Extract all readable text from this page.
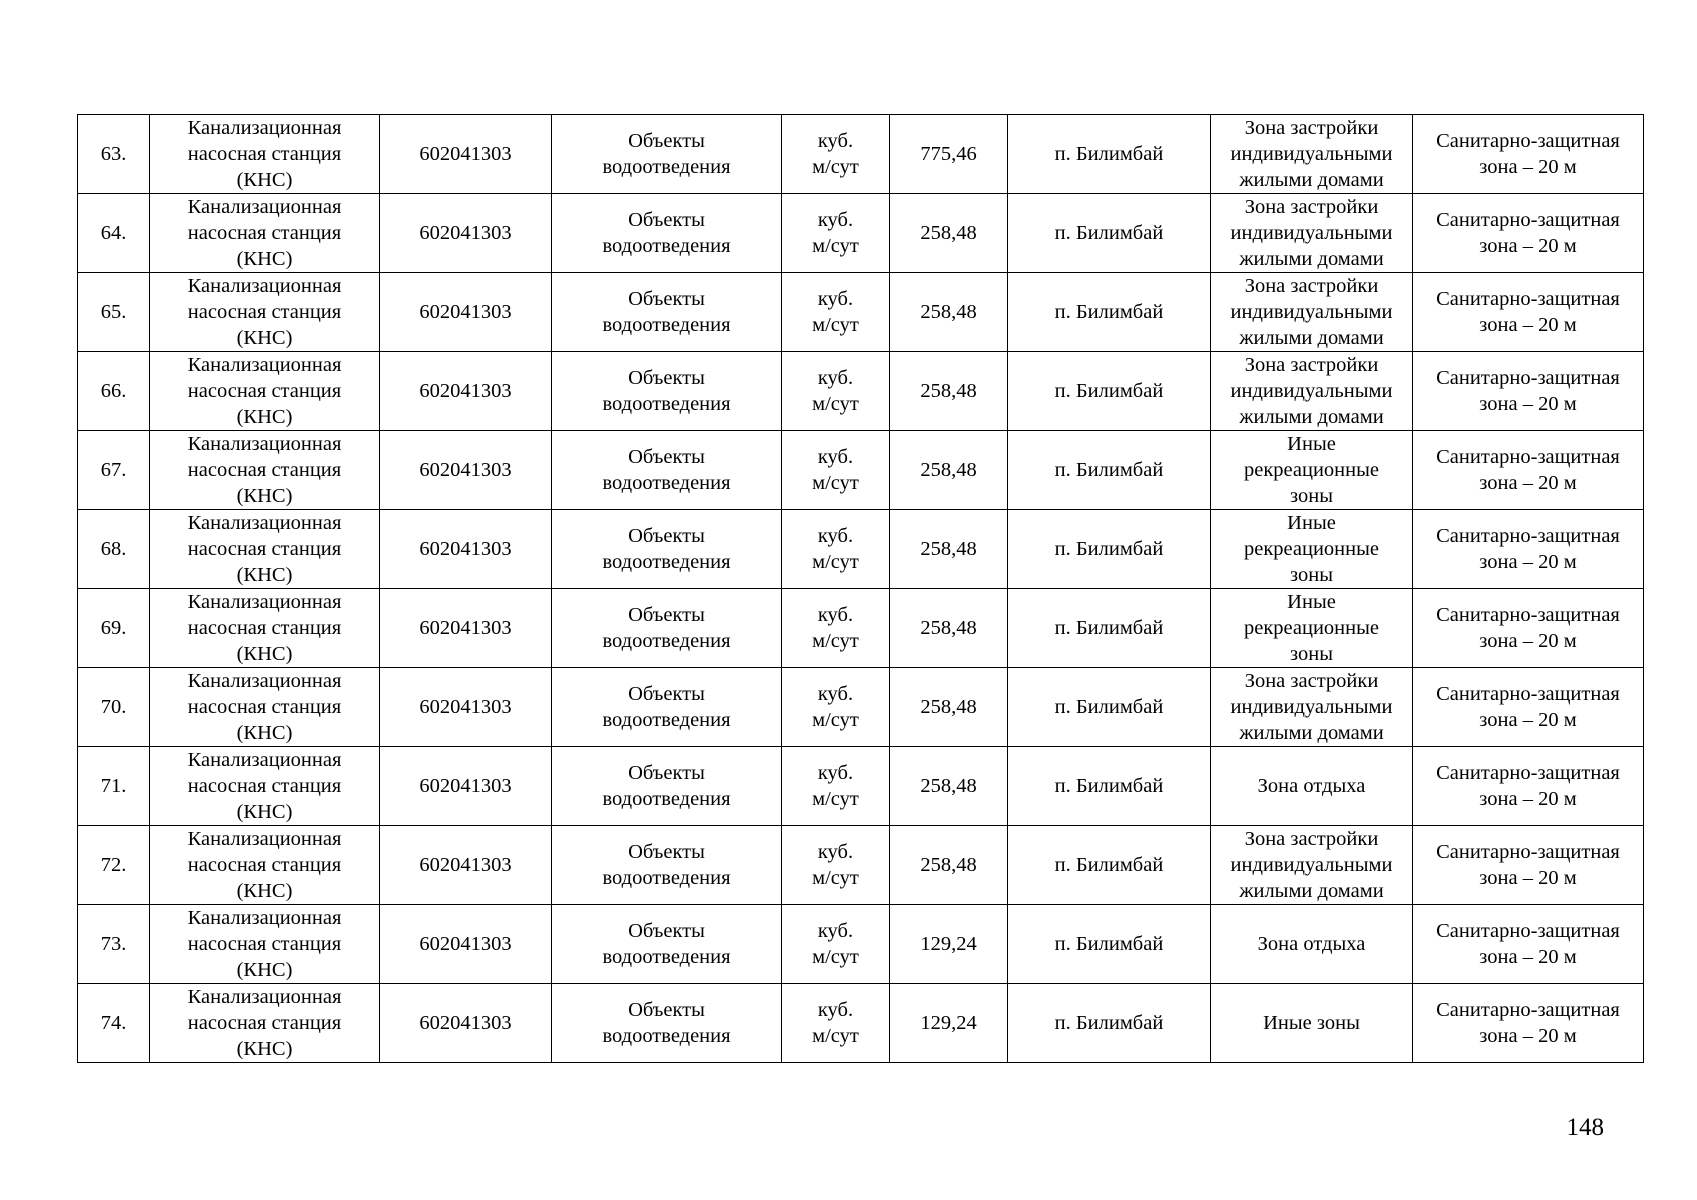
63.	Канализационная
насосная станция
(КНС)	602041303	Объекты
водоотведения	куб.
м/сут	775,46	п. Билимбай	Зона застройки
индивидуальными
жилыми домами	Санитарно-защитная
зона – 20 м
64.	Канализационная
насосная станция
(КНС)	602041303	Объекты
водоотведения	куб.
м/сут	258,48	п. Билимбай	Зона застройки
индивидуальными
жилыми домами	Санитарно-защитная
зона – 20 м
65.	Канализационная
насосная станция
(КНС)	602041303	Объекты
водоотведения	куб.
м/сут	258,48	п. Билимбай	Зона застройки
индивидуальными
жилыми домами	Санитарно-защитная
зона – 20 м
66.	Канализационная
насосная станция
(КНС)	602041303	Объекты
водоотведения	куб.
м/сут	258,48	п. Билимбай	Зона застройки
индивидуальными
жилыми домами	Санитарно-защитная
зона – 20 м
67.	Канализационная
насосная станция
(КНС)	602041303	Объекты
водоотведения	куб.
м/сут	258,48	п. Билимбай	Иные
рекреационные
зоны	Санитарно-защитная
зона – 20 м
68.	Канализационная
насосная станция
(КНС)	602041303	Объекты
водоотведения	куб.
м/сут	258,48	п. Билимбай	Иные
рекреационные
зоны	Санитарно-защитная
зона – 20 м
69.	Канализационная
насосная станция
(КНС)	602041303	Объекты
водоотведения	куб.
м/сут	258,48	п. Билимбай	Иные
рекреационные
зоны	Санитарно-защитная
зона – 20 м
70.	Канализационная
насосная станция
(КНС)	602041303	Объекты
водоотведения	куб.
м/сут	258,48	п. Билимбай	Зона застройки
индивидуальными
жилыми домами	Санитарно-защитная
зона – 20 м
71.	Канализационная
насосная станция
(КНС)	602041303	Объекты
водоотведения	куб.
м/сут	258,48	п. Билимбай	Зона отдыха	Санитарно-защитная
зона – 20 м
72.	Канализационная
насосная станция
(КНС)	602041303	Объекты
водоотведения	куб.
м/сут	258,48	п. Билимбай	Зона застройки
индивидуальными
жилыми домами	Санитарно-защитная
зона – 20 м
73.	Канализационная
насосная станция
(КНС)	602041303	Объекты
водоотведения	куб.
м/сут	129,24	п. Билимбай	Зона отдыха	Санитарно-защитная
зона – 20 м
74.	Канализационная
насосная станция
(КНС)	602041303	Объекты
водоотведения	куб.
м/сут	129,24	п. Билимбай	Иные зоны	Санитарно-защитная
зона – 20 м
148
